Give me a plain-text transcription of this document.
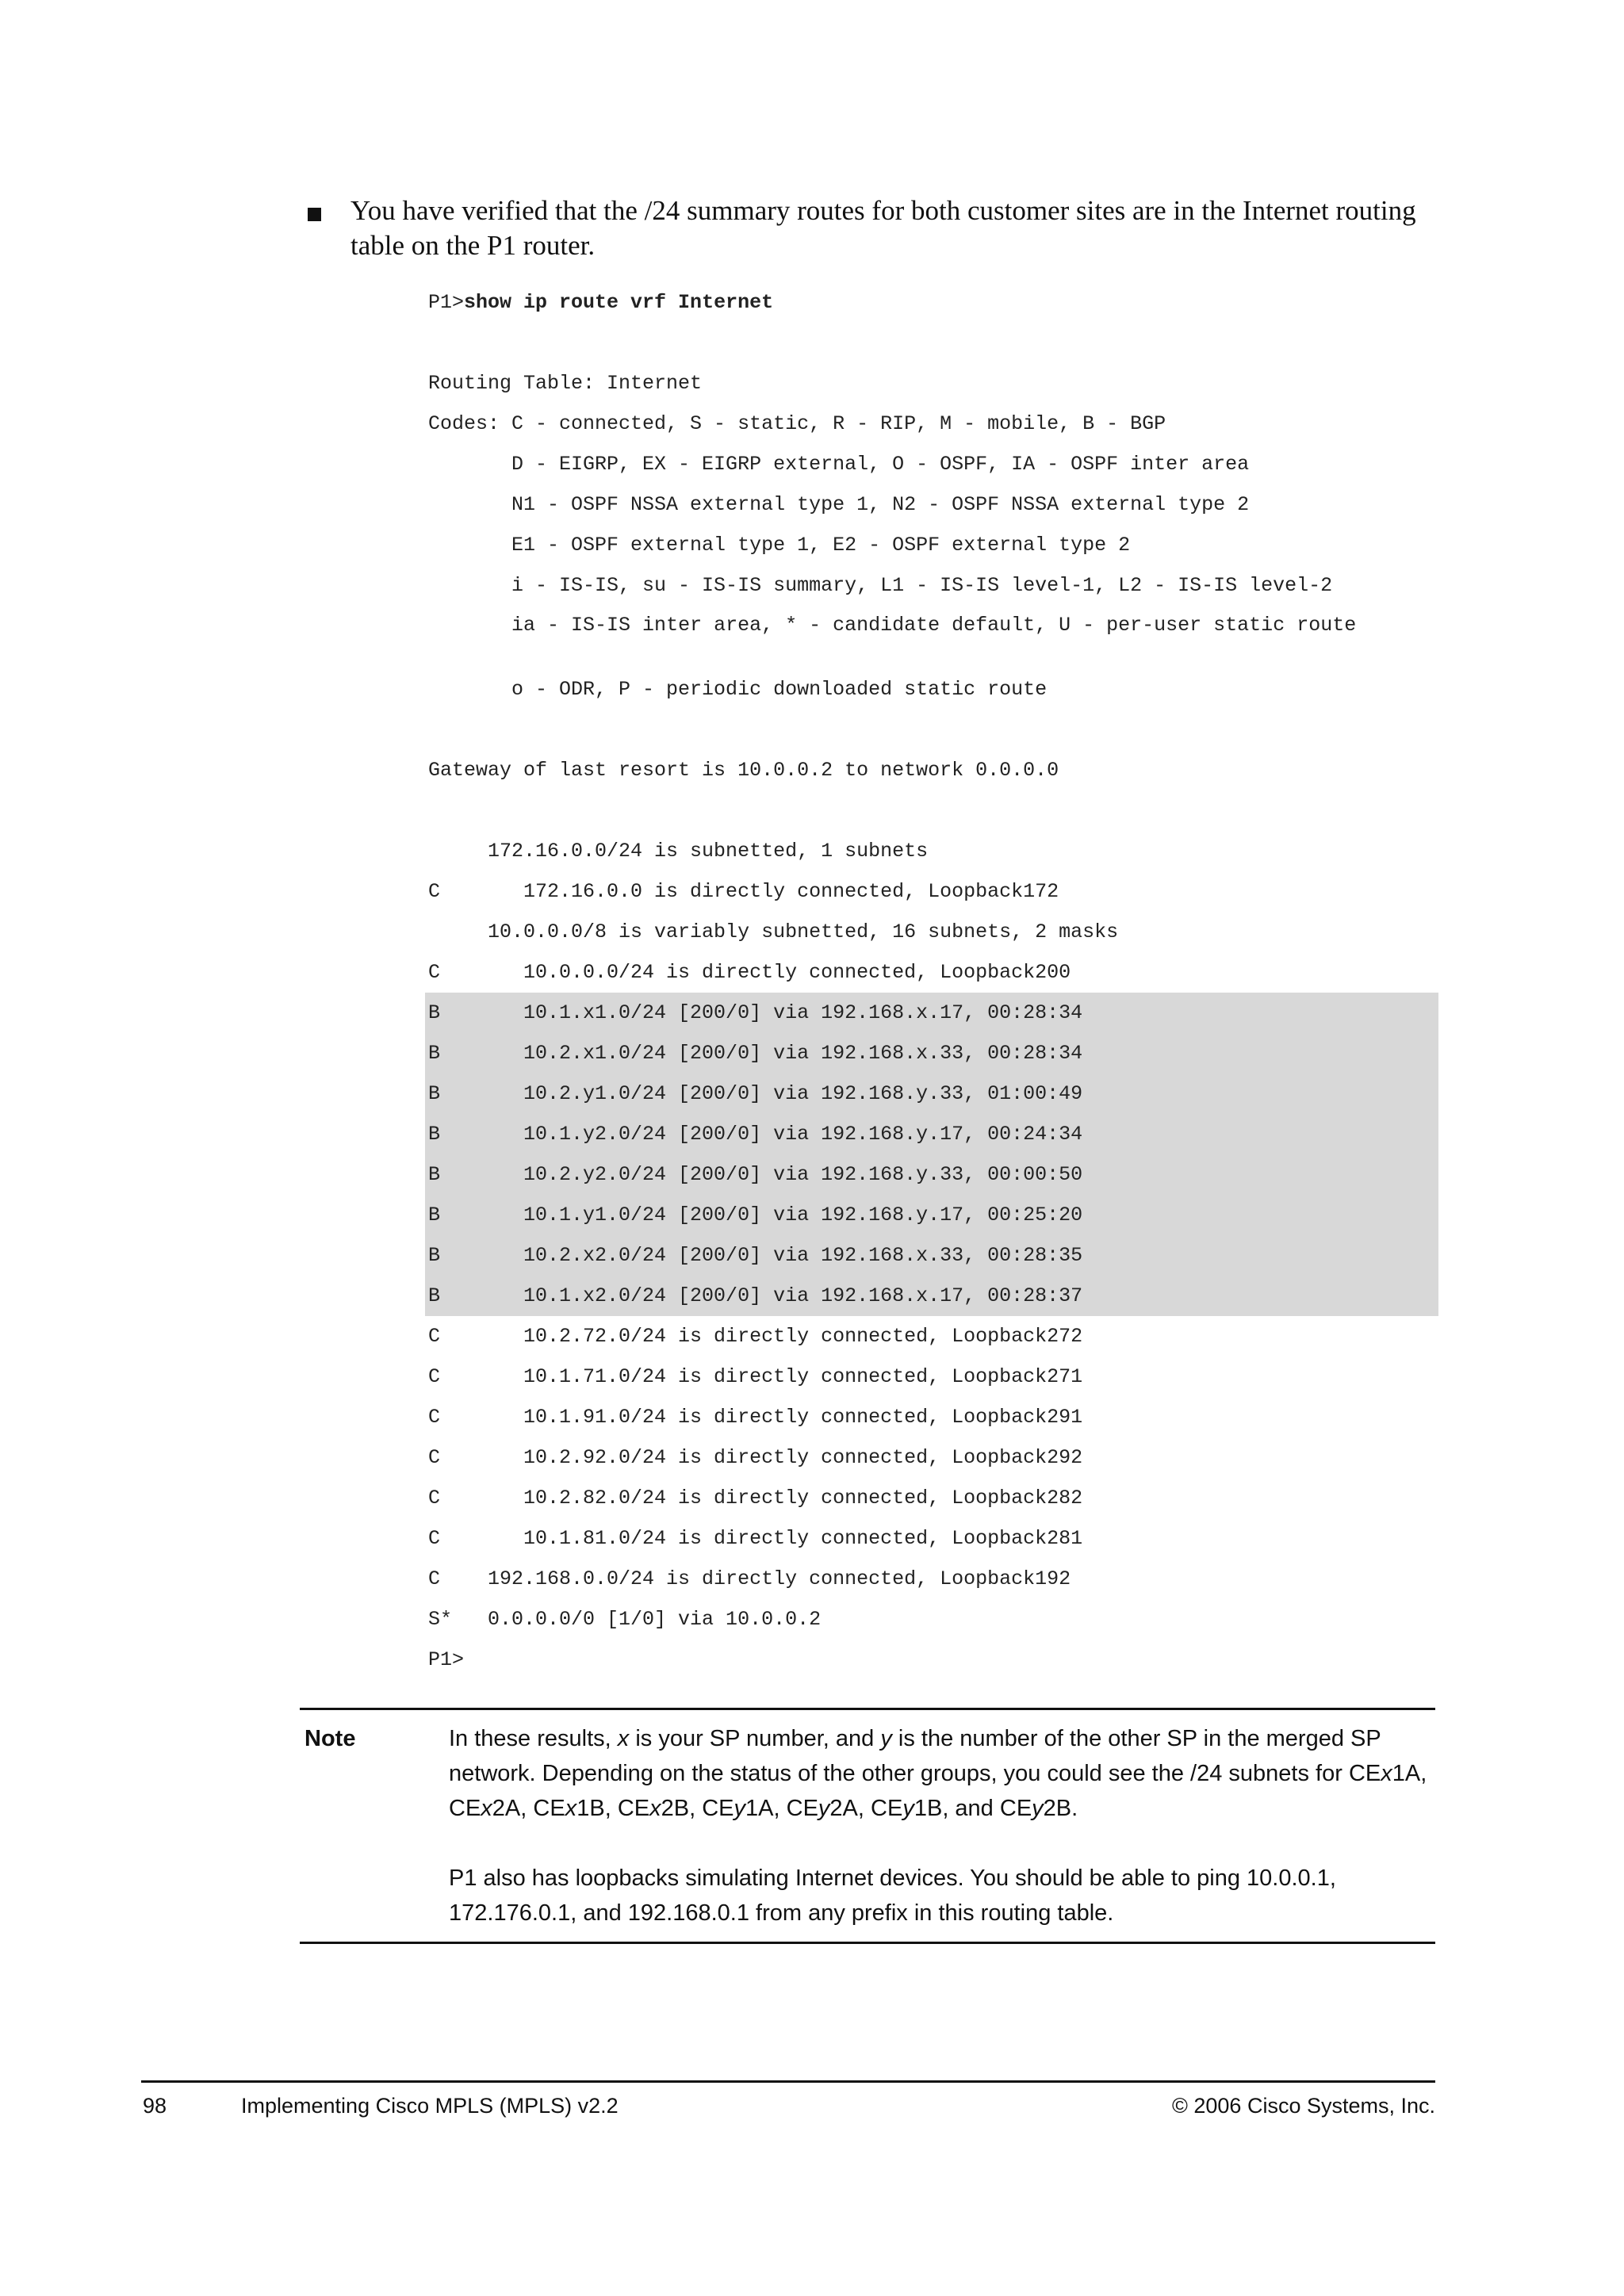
You have verified that the /24 summary routes for both customer sites are in the Internet routing table on the P1 router.
P1>show ip route vrf Internet
Routing Table: Internet
Codes: C - connected, S - static, R - RIP, M - mobile, B - BGP
D - EIGRP, EX - EIGRP external, O - OSPF, IA - OSPF inter area
N1 - OSPF NSSA external type 1, N2 - OSPF NSSA external type 2
E1 - OSPF external type 1, E2 - OSPF external type 2
i - IS-IS, su - IS-IS summary, L1 - IS-IS level-1, L2 - IS-IS level-2
ia - IS-IS inter area, * - candidate default, U - per-user static route
o - ODR, P - periodic downloaded static route
Gateway of last resort is 10.0.0.2 to network 0.0.0.0
172.16.0.0/24 is subnetted, 1 subnets
C       172.16.0.0 is directly connected, Loopback172
10.0.0.0/8 is variably subnetted, 16 subnets, 2 masks
C       10.0.0.0/24 is directly connected, Loopback200
B       10.1.x1.0/24 [200/0] via 192.168.x.17, 00:28:34
B       10.2.x1.0/24 [200/0] via 192.168.x.33, 00:28:34
B       10.2.y1.0/24 [200/0] via 192.168.y.33, 01:00:49
B       10.1.y2.0/24 [200/0] via 192.168.y.17, 00:24:34
B       10.2.y2.0/24 [200/0] via 192.168.y.33, 00:00:50
B       10.1.y1.0/24 [200/0] via 192.168.y.17, 00:25:20
B       10.2.x2.0/24 [200/0] via 192.168.x.33, 00:28:35
B       10.1.x2.0/24 [200/0] via 192.168.x.17, 00:28:37
C       10.2.72.0/24 is directly connected, Loopback272
C       10.1.71.0/24 is directly connected, Loopback271
C       10.1.91.0/24 is directly connected, Loopback291
C       10.2.92.0/24 is directly connected, Loopback292
C       10.2.82.0/24 is directly connected, Loopback282
C       10.1.81.0/24 is directly connected, Loopback281
C    192.168.0.0/24 is directly connected, Loopback192
S*   0.0.0.0/0 [1/0] via 10.0.0.2
P1>
Note	In these results, x is your SP number, and y is the number of the other SP in the merged SP network. Depending on the status of the other groups, you could see the /24 subnets for CEx1A, CEx2A, CEx1B, CEx2B, CEy1A, CEy2A, CEy1B, and CEy2B.

P1 also has loopbacks simulating Internet devices. You should be able to ping 10.0.0.1, 172.176.0.1, and 192.168.0.1 from any prefix in this routing table.

98	Implementing Cisco MPLS (MPLS) v2.2	© 2006 Cisco Systems, Inc.
